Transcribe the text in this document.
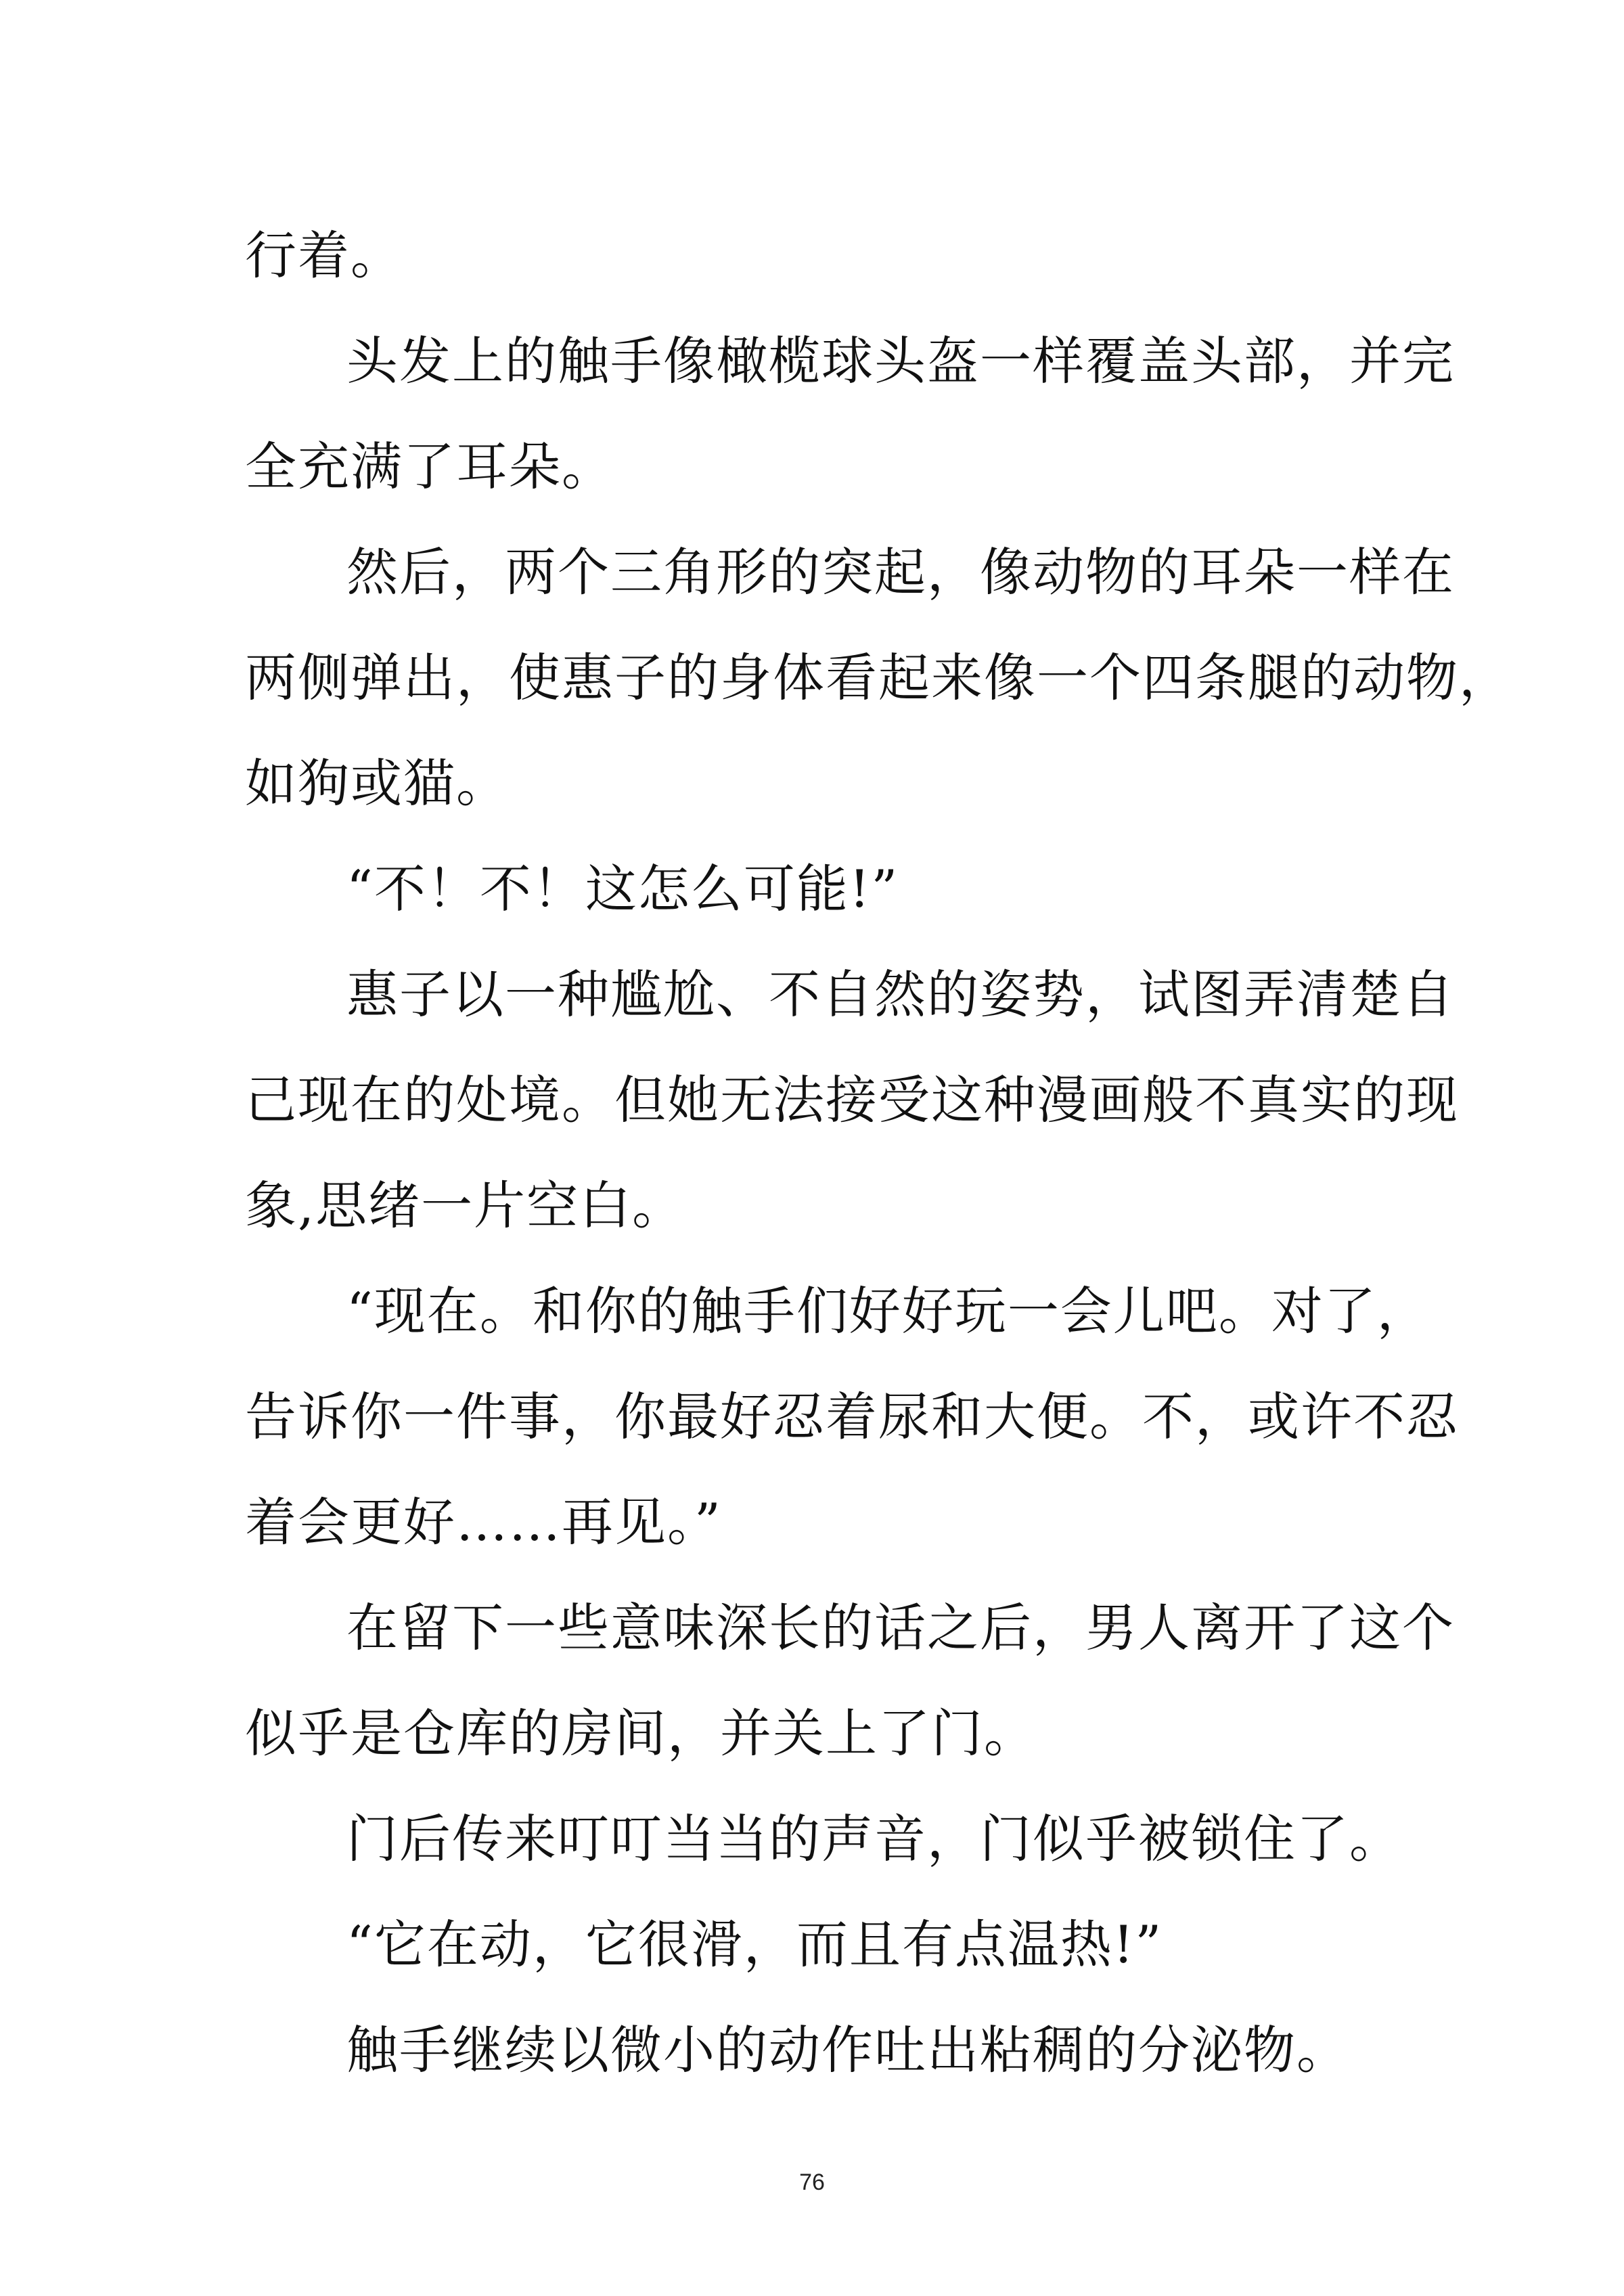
行着。
头发上的触手像橄榄球头盔一样覆盖头部，并完
全充满了耳朵。
然后，两个三角形的突起，像动物的耳朵一样在
两侧弹出，使惠子的身体看起来像一个四条腿的动物，
如狗或猫。
“不！不！这怎么可能!”
惠子以一种尴尬、不自然的姿势，试图弄清楚自
己现在的处境。但她无法接受这种漫画般不真实的现
象,思绪一片空白。
“现在。和你的触手们好好玩一会儿吧。对了，
告诉你一件事，你最好忍着尿和大便。不，或许不忍
着会更好……再见。”
在留下一些意味深长的话之后，男人离开了这个
似乎是仓库的房间，并关上了门。
门后传来叮叮当当的声音，门似乎被锁住了。
“它在动，它很滑，而且有点温热!”
触手继续以微小的动作吐出粘稠的分泌物。
76
